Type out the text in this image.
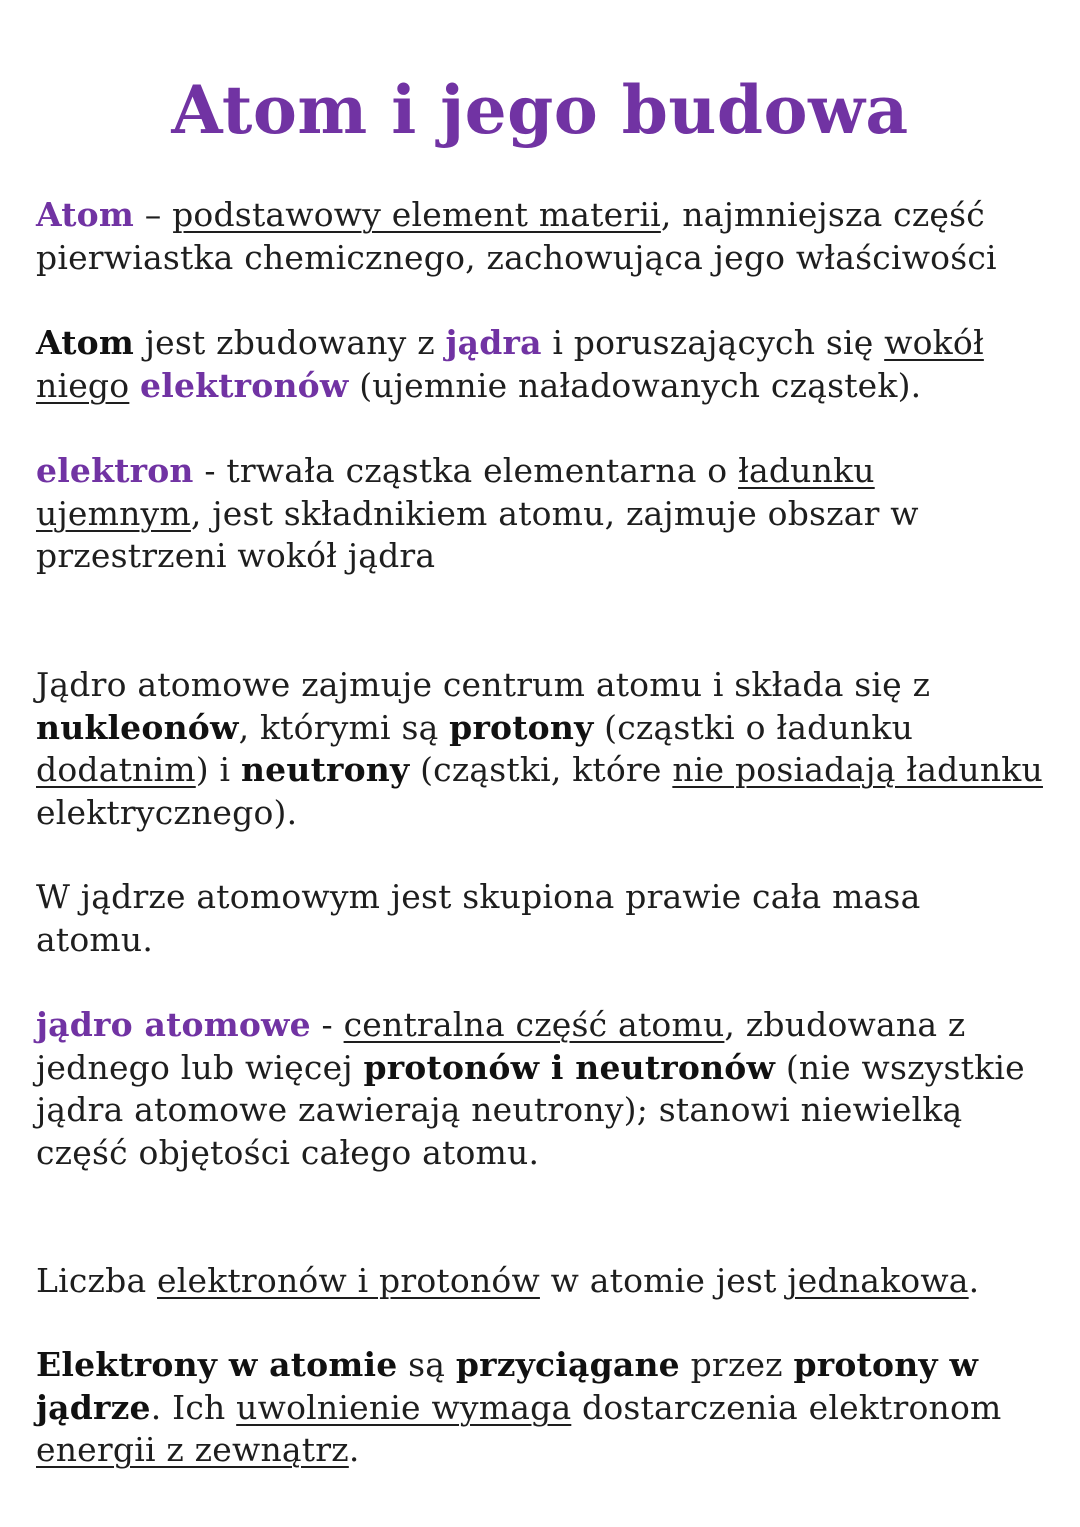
Atom i jego budowa

Atom – podstawowy element materii, najmniejsza część pierwiastka chemicznego, zachowująca jego właściwości

Atom jest zbudowany z jądra i poruszających się wokół niego elektronów (ujemnie naładowanych cząstek).

elektron - trwała cząstka elementarna o ładunku ujemnym, jest składnikiem atomu, zajmuje obszar w przestrzeni wokół jądra

Jądro atomowe zajmuje centrum atomu i składa się z nukleonów, którymi są protony (cząstki o ładunku dodatnim) i neutrony (cząstki, które nie posiadają ładunku elektrycznego).

W jądrze atomowym jest skupiona prawie cała masa atomu.

jądro atomowe - centralna część atomu, zbudowana z jednego lub więcej protonów i neutronów (nie wszystkie jądra atomowe zawierają neutrony); stanowi niewielką część objętości całego atomu.

Liczba elektronów i protonów w atomie jest jednakowa.

Elektrony w atomie są przyciągane przez protony w jądrze. Ich uwolnienie wymaga dostarczenia elektronom energii z zewnątrz.
